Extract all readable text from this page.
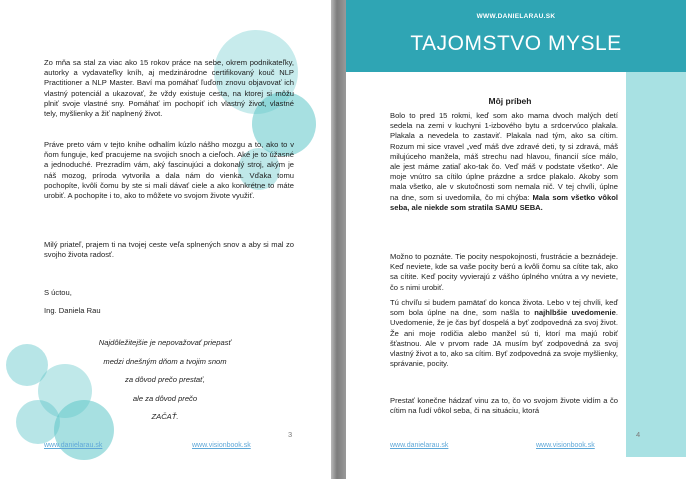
Zo mňa sa stal za viac ako 15 rokov práce na sebe, okrem podnikateľky, autorky a vydavateľky kníh, aj medzinárodne certifikovaný kouč NLP Practitioner a NLP Master. Baví ma pomáhať ľuďom znovu objavovať ich vlastný potenciál a ukazovať, že vždy existuje cesta, na ktorej si môžu plniť svoje vlastné sny. Pomáhať im pochopiť ich vlastný život, vlastné tely, myšlienky a žiť naplnený život.

Práve preto vám v tejto knihe odhalím kúzlo nášho mozgu a to, ako to v ňom funguje, keď pracujeme na svojich snoch a cieľoch. Aké je to úžasné a jednoduché. Prezradím vám, aký fascinujúci a dokonalý stroj, akým je náš mozog, príroda vytvorila a dala nám do vienka. Vďaka tomu pochopíte, kvôli čomu by ste si mali dávať ciele a ako konkrétne to máte urobiť. A pochopíte i to, ako to môžete vo svojom živote využiť.

Milý priateľ, prajem ti na tvojej ceste veľa splnených snov a aby si mal zo svojho života radosť.

S úctou,

Ing. Daniela Rau

Najdôležitejšie je nepovažovať priepasť
medzi dnešným dňom a tvojim snom
za dôvod prečo prestať,
ale za dôvod prečo
ZAČAŤ.
3
www.danielarau.sk	www.visionbook.sk
WWW.DANIELARAU.SK
TAJOMSTVO MYSLE
Môj príbeh

Bolo to pred 15 rokmi, keď som ako mama dvoch malých detí sedela na zemi v kuchyni 1-izbového bytu a srdcervúco plakala. Plakala a nevedela to zastaviť. Plakala nad tým, ako sa cítim. Rozum mi sice vravel „veď máš dve zdravé deti, ty si zdravá, máš milujúceho manžela, máš strechu nad hlavou, financií síce málo, ale jest máme zatiaľ ako-tak čo. Veď máš v podstate všetko“. Ale moje vnútro sa cítilo úplne prázdne a srdce plakalo. Akoby som mala všetko, ale v skutočnosti som nemala nič. V tej chvíli, úplne na dne, som si uvedomila, čo mi chýba: Mala som všetko vôkol seba, ale niekde som stratila SAMU SEBA.

Možno to poznáte. Tie pocity nespokojnosti, frustrácie a beznádeje. Keď neviete, kde sa vaše pocity berú a kvôli čomu sa cítite tak, ako sa cítite. Keď pocity vyvierajú z vášho úplného vnútra a vy neviete, čo s nimi urobiť.

Tú chvíľu si budem pamätať do konca života. Lebo v tej chvíli, keď som bola úplne na dne, som našla to najhlbšie uvedomenie. Uvedomenie, že je čas byť dospelá a byť zodpovedná za svoj život. Že ani moje rodičia alebo manžel sú ti, ktorí ma majú robiť šťastnou. Ale v prvom rade JA musím byť zodpovedná za svoj vlastný život a to, ako sa cítim. Byť zodpovedná za svoje myšlienky, správanie, pocity.

Prestať konečne hádzať vinu za to, čo vo svojom živote vidím a čo cítim na ľudí vôkol seba, či na situáciu, ktorá

4
www.danielarau.sk	www.visionbook.sk
